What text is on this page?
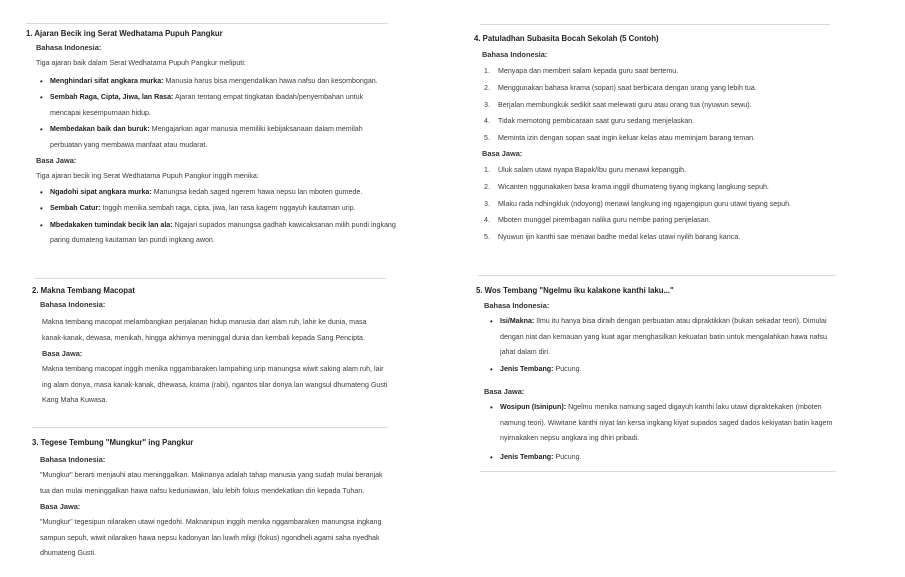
1. Ajaran Becik ing Serat Wedhatama Pupuh Pangkur
Bahasa Indonesia:
Tiga ajaran baik dalam Serat Wedhatama Pupuh Pangkur meliputi:
• Menghindari sifat angkara murka: Manusia harus bisa mengendalikan hawa nafsu dan kesombongan.
• Sembah Raga, Cipta, Jiwa, lan Rasa: Ajaran tentang empat tingkatan ibadah/penyembahan untuk mencapai kesempurnaan hidup.
• Membedakan baik dan buruk: Mengajarkan agar manusia memiliki kebijaksanaan dalam memilah perbuatan yang membawa manfaat atau mudarat.
Basa Jawa:
Tiga ajaran becik ing Serat Wedhatama Pupuh Pangkur inggih menika:
• Ngadohi sipat angkara murka: Manungsa kedah saged ngerem hawa nepsu lan mboten gumede.
• Sembah Catur: Inggih menika sembah raga, cipta, jiwa, lan rasa kagem nggayuh kautaman urip.
• Mbedakaken tumindak becik lan ala: Ngajari supados manungsa gadhah kawicaksanan milih pundi ingkang paring dumateng kautaman lan pundi ingkang awon.
2. Makna Tembang Macopat
Bahasa Indonesia:
Makna tembang macopat melambangkan perjalanan hidup manusia dari alam ruh, lahir ke dunia, masa kanak-kanak, dewasa, menikah, hingga akhirnya meninggal dunia dan kembali kepada Sang Pencipta.
Basa Jawa:
Makna tembang macopat inggih menika nggambaraken lampahing urip manungsa wiwit saking alam ruh, lair ing alam donya, masa kanak-kanak, dhewasa, krama (rabi), ngantos tilar donya lan wangsul dhumateng Gusti Kang Maha Kuwasa.
3. Tegese Tembung "Mungkur" ing Pangkur
Bahasa Indonesia:
"Mungkur" berarti menjauhi atau meninggalkan. Maknanya adalah tahap manusia yang sudah mulai beranjak tua dan mulai meninggalkan hawa nafsu keduniawian, lalu lebih fokus mendekatkan diri kepada Tuhan.
Basa Jawa:
"Mungkur" tegesipun nilaraken utawi ngedohi. Maknanipun inggih menika nggambaraken manungsa ingkang sampun sepuh, wiwit nilaraken hawa nepsu kadonyan lan luwih mligi (fokus) ngondheli agami saha nyedhak dhumateng Gusti.
4. Patuladhan Subasita Bocah Sekolah (5 Contoh)
Bahasa Indonesia:
1. Menyapa dan memberi salam kepada guru saat bertemu.
2. Menggunakan bahasa krama (sopan) saat berbicara dengan orang yang lebih tua.
3. Berjalan membungkuk sedikit saat melewati guru atau orang tua (nyuwun sewu).
4. Tidak memotong pembicaraan saat guru sedang menjelaskan.
5. Meminta izin dengan sopan saat ingin keluar kelas atau meminjam barang teman.
Basa Jawa:
1. Uluk salam utawi nyapa Bapak/Ibu guru menawi kepanggih.
2. Wicanten nggunakaken basa krama inggil dhumateng tiyang ingkang langkung sepuh.
3. Mlaku rada ndhingkluk (ndoyong) menawi langkung ing ngajengipun guru utawi tiyang sepuh.
4. Mboten munggel pirembagan nalika guru nembe paring penjelasan.
5. Nyuwun ijin kanthi sae menawi badhe medal kelas utawi nyilih barang kanca.
5. Wos Tembang "Ngelmu iku kalakone kanthi laku..."
Bahasa Indonesia:
• Isi/Makna: Ilmu itu hanya bisa diraih dengan perbuatan atau dipraktikkan (bukan sekadar teori). Dimulai dengan niat dan kemauan yang kuat agar menghasilkan kekuatan batin untuk mengalahkan hawa nafsu jahat dalam diri.
• Jenis Tembang: Pucung.
Basa Jawa:
• Wosipun (Isinipun): Ngelmu menika namung saged digayuh kanthi laku utawi dipraktekaken (mboten namung teori). Wiwitane kanthi niyat lan kersa ingkang kiyat supados saged dados kekiyatan batin kagem nyirnakaken nepsu angkara ing dhiri pribadi.
• Jenis Tembang: Pucung.
